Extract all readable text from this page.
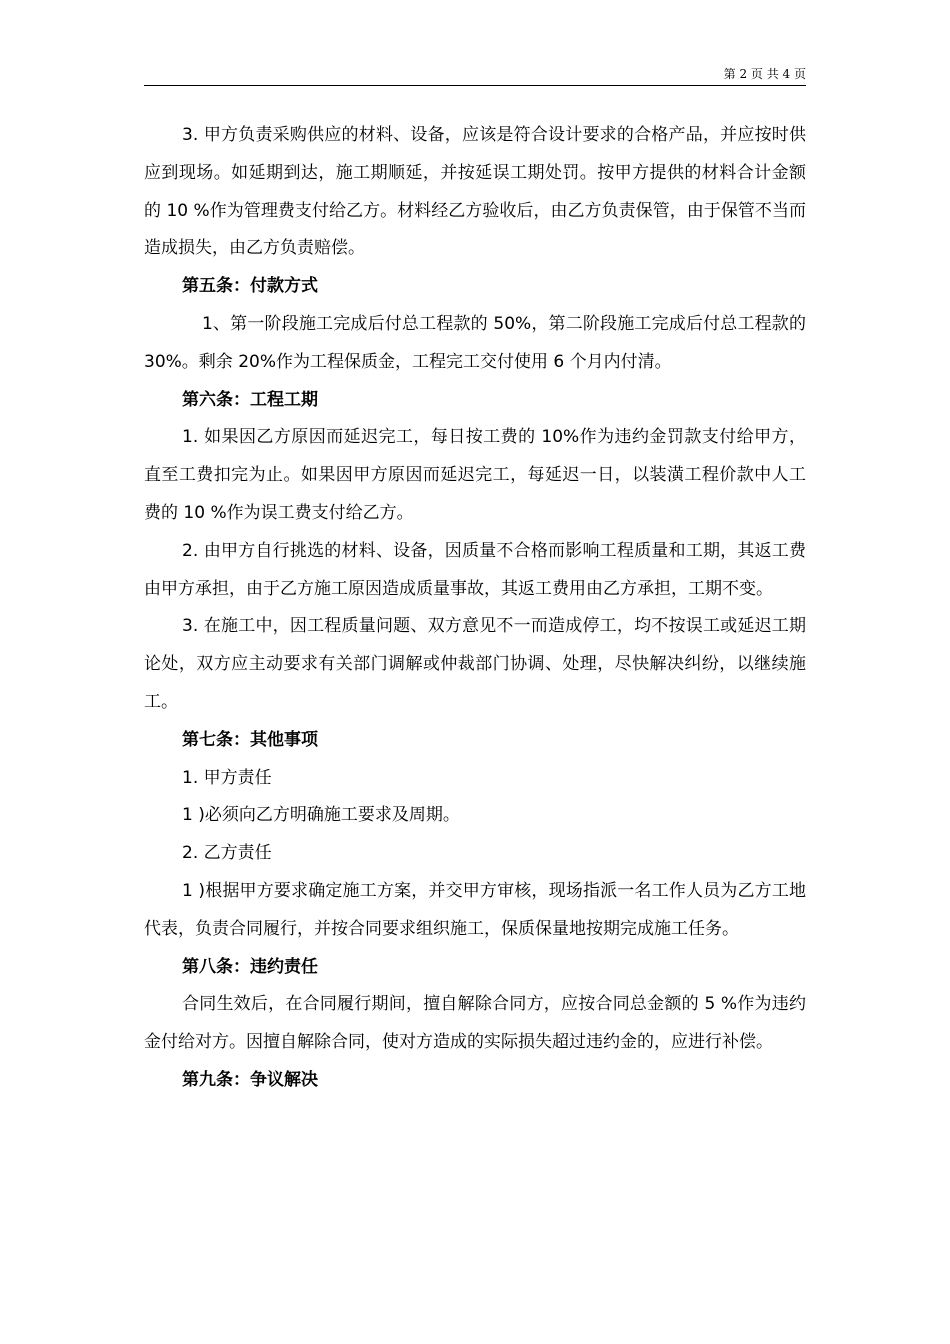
第 2 页 共 4 页

3. 甲方负责采购供应的材料、设备，应该是符合设计要求的合格产品，并应按时供应到现场。如延期到达，施工期顺延，并按延误工期处罚。按甲方提供的材料合计金额的 10 %作为管理费支付给乙方。材料经乙方验收后，由乙方负责保管，由于保管不当而造成损失，由乙方负责赔偿。

第五条：付款方式

1、第一阶段施工完成后付总工程款的 50%，第二阶段施工完成后付总工程款的 30%。剩余 20%作为工程保质金，工程完工交付使用 6 个月内付清。

第六条：工程工期

1. 如果因乙方原因而延迟完工，每日按工费的 10%作为违约金罚款支付给甲方，直至工费扣完为止。如果因甲方原因而延迟完工，每延迟一日，以装潢工程价款中人工费的 10 %作为误工费支付给乙方。

2. 由甲方自行挑选的材料、设备，因质量不合格而影响工程质量和工期，其返工费由甲方承担，由于乙方施工原因造成质量事故，其返工费用由乙方承担，工期不变。

3. 在施工中，因工程质量问题、双方意见不一而造成停工，均不按误工或延迟工期论处，双方应主动要求有关部门调解或仲裁部门协调、处理，尽快解决纠纷，以继续施工。

第七条：其他事项

1. 甲方责任

1 )必须向乙方明确施工要求及周期。

2. 乙方责任

1 )根据甲方要求确定施工方案，并交甲方审核，现场指派一名工作人员为乙方工地代表，负责合同履行，并按合同要求组织施工，保质保量地按期完成施工任务。

第八条：违约责任

合同生效后，在合同履行期间，擅自解除合同方，应按合同总金额的 5 %作为违约金付给对方。因擅自解除合同，使对方造成的实际损失超过违约金的，应进行补偿。

第九条：争议解决
